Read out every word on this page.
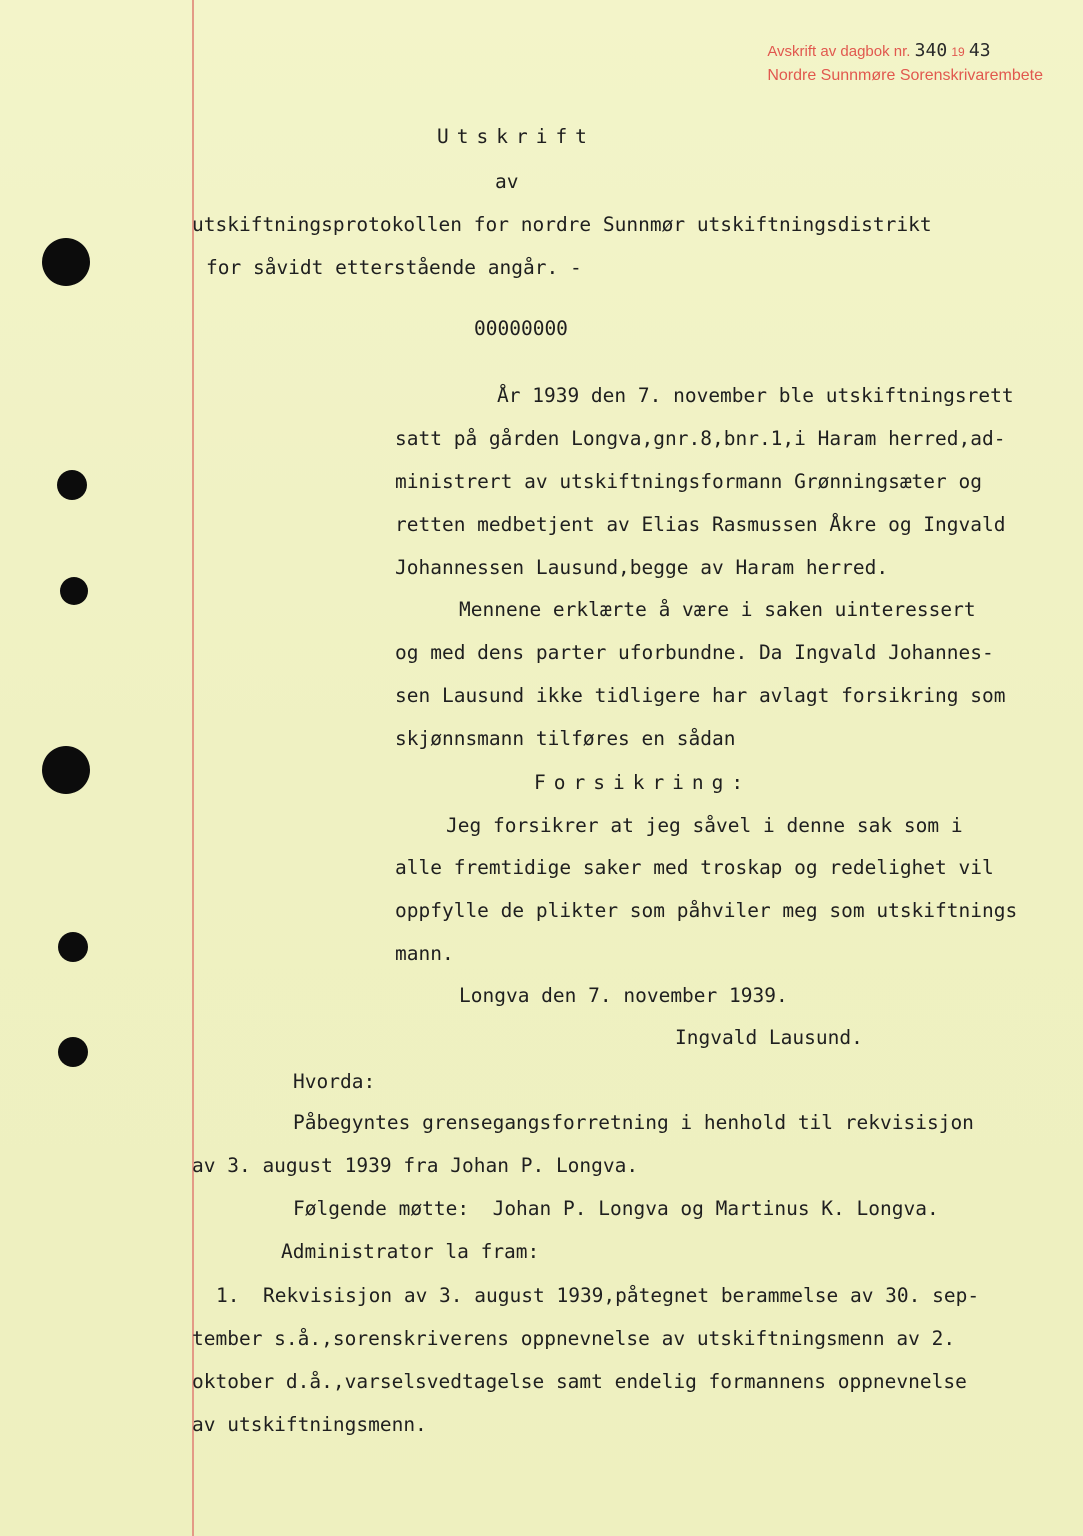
Avskrift av dagbok nr. 340 19 43
Nordre Sunnmøre Sorenskrivarembete
Utskrift
av
utskiftningsprotokollen for nordre Sunnmør utskiftningsdistrikt
for såvidt etterstående angår. -
00000000
År 1939 den 7. november ble utskiftningsrett
satt på gården Longva,gnr.8,bnr.1,i Haram herred,ad-
ministrert av utskiftningsformann Grønningsæter og
retten medbetjent av Elias Rasmussen Åkre og Ingvald
Johannessen Lausund,begge av Haram herred.
Mennene erklærte å være i saken uinteressert
og med dens parter uforbundne. Da Ingvald Johannes-
sen Lausund ikke tidligere har avlagt forsikring som
skjønnsmann tilføres en sådan
Forsikring:
Jeg forsikrer at jeg såvel i denne sak som i
alle fremtidige saker med troskap og redelighet vil
oppfylle de plikter som påhviler meg som utskiftnings
mann.
Longva den 7. november 1939.
Ingvald Lausund.
Hvorda:
Påbegyntes grensegangsforretning i henhold til rekvisisjon
av 3. august 1939 fra Johan P. Longva.
Følgende møtte:  Johan P. Longva og Martinus K. Longva.
Administrator la fram:
1.  Rekvisisjon av 3. august 1939,påtegnet berammelse av 30. sep-
tember s.å.,sorenskriverens oppnevnelse av utskiftningsmenn av 2.
oktober d.å.,varselsvedtagelse samt endelig formannens oppnevnelse
av utskiftningsmenn.
